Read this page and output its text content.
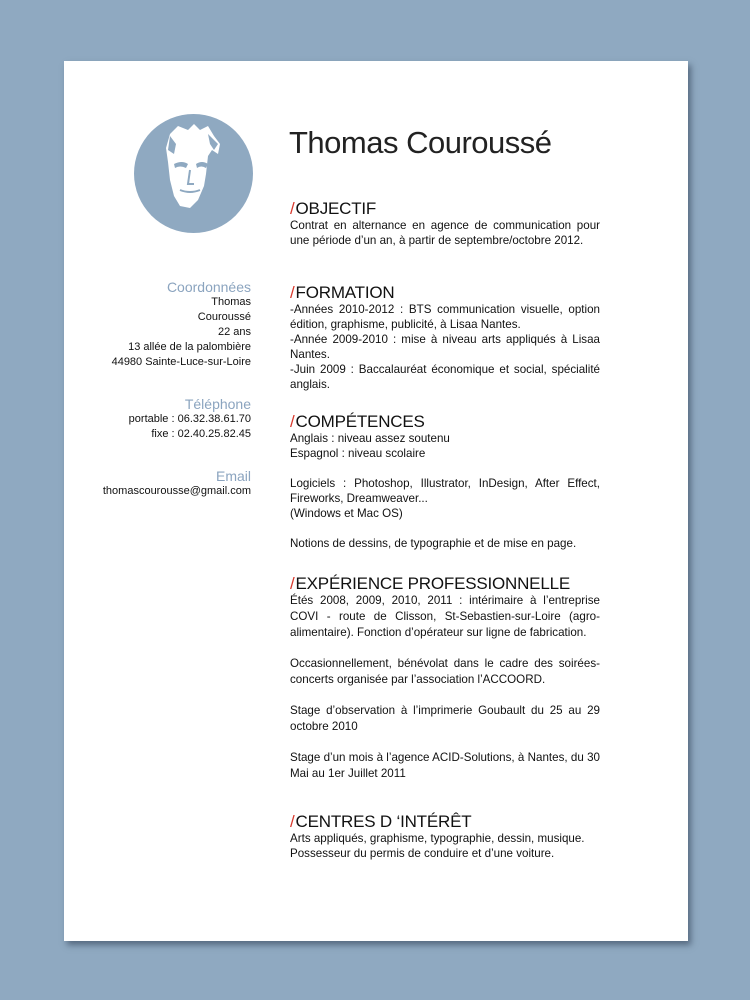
Coordonnées
Thomas
Couroussé
22 ans
13 allée de la palombière
44980 Sainte-Luce-sur-Loire
Téléphone
portable : 06.32.38.61.70
fixe : 02.40.25.82.45
Email
thomascourousse@gmail.com
Thomas Couroussé
/OBJECTIF

Contrat en alternance en agence de communication pour une période d’un an, à partir de septembre/octobre 2012.

/FORMATION

-Années 2010-2012 : BTS communication visuelle, option édition, graphisme, publicité, à Lisaa Nantes.

-Année 2009-2010 : mise à niveau arts appliqués à Lisaa Nantes.

-Juin 2009 : Baccalauréat économique et social, spécialité anglais.

/COMPÉTENCES

Anglais : niveau assez soutenu

Espagnol : niveau scolaire

Logiciels : Photoshop, Illustrator, InDesign, After Effect, Fireworks, Dreamweaver...

(Windows et Mac OS)

Notions de dessins, de typographie et de mise en page.

/EXPÉRIENCE PROFESSIONNELLE

Étés 2008, 2009, 2010, 2011 : intérimaire à l’entreprise COVI - route de Clisson, St-Sebastien-sur-Loire (agro-alimentaire). Fonction d’opérateur sur ligne de fabrication.

Occasionnellement, bénévolat dans le cadre des soirées-concerts organisée par l’association l’ACCOORD.

Stage d’observation à l’imprimerie Goubault du 25 au 29 octobre 2010

Stage d’un mois à l’agence ACID-Solutions, à Nantes, du 30 Mai au 1er Juillet 2011

/CENTRES D ‘INTÉRÊT

Arts appliqués, graphisme, typographie, dessin, musique.

Possesseur du permis de conduire et d’une voiture.
